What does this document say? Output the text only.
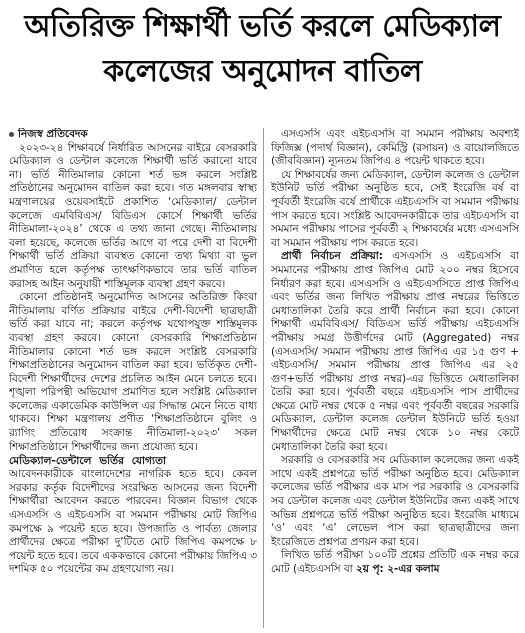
অতিরিক্ত শিক্ষার্থী ভর্তি করলে মেডিক্যাল
কলেজের অনুমোদন বাতিল
নিজস্ব প্রতিবেদক

২০২৩-২৪ শিক্ষাবর্ষে নির্ধারিত আসনের বাইরে বেসরকারি মেডিক্যাল ও ডেন্টাল কলেজে শিক্ষার্থী ভর্তি করানো যাবে না। ভর্তি নীতিমালার কোনো শর্ত ভঙ্গ করলে সংশ্লিষ্ট প্রতিষ্ঠানের অনুমোদন বাতিল করা হবে। গত মঙ্গলবার স্বাস্থ্য মন্ত্রণালয়ের ওয়েবসাইটে প্রকাশিত ‘মেডিক্যাল/ ডেন্টাল কলেজে এমবিবিএস/ বিডিএস কোর্সে শিক্ষার্থী ভর্তির নীতিমালা-২০২৪’ থেকে এ তথ্য জানা গেছে। নীতিমালায় বলা হয়েছে, কলেজে ভর্তির আগে বা পরে দেশী বা বিদেশী শিক্ষার্থী ভর্তি প্রক্রিয়া ব্যবস্থত কোনো তথ্য মিথ্যা বা ভুল প্রমাণিত হলে কর্তৃপক্ষ তাৎক্ষণিকভাবে তার ভর্তি বাতিল করাসহ আইন অনুযায়ী শাস্তিমূলক ব্যবস্থা গ্রহণ করবে।

কোনো প্রতিষ্ঠানই অনুমোদিত আসনের অতিরিক্ত কিংবা নীতিমালায় বর্ণিত প্রক্রিয়ার বাইরে দেশী-বিদেশী ছাত্রছাত্রী ভর্তি করা যাবে না; করলে কর্তৃপক্ষ যথোপযুক্ত শাস্তিমূলক ব্যবস্থা গ্রহণ করবে। কোনো বেসরকারি শিক্ষাপ্রতিষ্ঠান নীতিমালার কোনো শর্ত ভঙ্গ করলে সংশ্লিষ্ট বেসরকারি শিক্ষাপ্রতিষ্ঠানের অনুমোদন বাতিল করা হবে। ভর্তিকৃত দেশী-বিদেশী শিক্ষার্থীদের দেশের প্রচলিত আইন মেনে চলতে হবে। শৃঙ্খলা পরিপন্থী অভিযোগ প্রমাণিত হলে সংশ্লিষ্ট মেডিক্যাল কলেজের একাডেমিক কাউন্সিল এর সিদ্ধান্ত মেনে নিতে বাধ্য থাকবে। শিক্ষা মন্ত্রণালয় প্রণীত ‘শিক্ষাপ্রতিষ্ঠানে বুলিং ও র‌্যাগিং প্রতিরোধ সংক্রান্ত নীতিমালা-২০২৩’ সকল শিক্ষাপ্রতিষ্ঠানে শিক্ষার্থীদের জন্য প্রযোজ্য হবে।

মেডিক্যাল-ডেন্টালে ভর্তির যোগ্যতা

আবেদনকারীকে বাংলাদেশের নাগরিক হতে হবে। কেবল সরকার কর্তৃক বিদেশীদের সংরক্ষিত আসনের জন্য বিদেশী শিক্ষার্থীরা আবেদন করতে পারবেন। বিজ্ঞান বিভাগ থেকে এসএসসি ও এইচএসসি বা সমমান পরীক্ষায় মোট জিপিএ কমপক্ষে ৯ পয়েন্ট হতে হবে। উপজাতি ও পার্বত্য জেলার প্রার্থীদের ক্ষেত্রে পরীক্ষা দু’টিতে মোট জিপিএ কমপক্ষে ৮ পয়েন্ট হতে হবে। তবে এককভাবে কোনো পরীক্ষায় জিপিএ ৩ দশমিক ৫০ পয়েন্টের কম গ্রহণযোগ্য নয়।

এসএসসি এবং এইচএসসি বা সমমান পরীক্ষায় অবশ্যই ফিজিক্স (পদার্থ বিজ্ঞান), কেমিস্ট্রি (রসায়ন) ও বায়োলজিতে (জীববিজ্ঞান) ন্যূনতম জিপিএ ৪ পয়েন্ট থাকতে হবে।

যে শিক্ষাবর্ষের জন্য মেডিক্যাল, ডেন্টাল কলেজ ও ডেন্টাল ইউনিট ভর্তি পরীক্ষা অনুষ্ঠিত হবে, সেই ইংরেজি বর্ষ বা পূর্ববর্তী ইংরেজি বর্ষে প্রার্থীকে এইচএসসি বা সমমান পরীক্ষায় পাস করতে হবে। সংশ্লিষ্ট আবেদনকারীকে তার এইচএসসি বা সমমান পরীক্ষায় পাসের পূর্ববর্তী ২ শিক্ষাবর্ষের মধ্যে এসএসসি বা সমমান পরীক্ষায় পাস করতে হবে।

প্রার্থী নির্বাচন প্রক্রিয়া: এসএসসি ও এইচএসসি বা সমমানের পরীক্ষায় প্রাপ্ত জিপিএ মোট ২০০ নম্বর হিসেবে নির্ধারণ করা হবে। এসএসসি ও এইচএসসিতে প্রাপ্ত জিপিএ এবং ভর্তির জন্য লিখিত পরীক্ষায় প্রাপ্ত নম্বরের ভিত্তিতে মেধাতালিকা তৈরি করে প্রার্থী নির্বাচন করা হবে। কোনো শিক্ষার্থী এমবিবিএস/ বিডিএস ভর্তি পরীক্ষায় এইচএসসি পরীক্ষায় সমগ্র উত্তীর্ণদের মোট (Aggregated) নম্বর (এসএসসি/ সমমান পরীক্ষায় প্রাপ্ত জিপিএ এর ১৫ গুণ + এইচএসসি/ সমমান পরীক্ষায় প্রাপ্ত জিপিএ এর ২৫ গুণ+ভর্তি পরীক্ষায় প্রাপ্ত নম্বর)-এর ভিত্তিতে মেধাতালিকা তৈরি করা হবে। পূর্ববর্তী বছরে এইচএসসি পাস প্রার্থীদের ক্ষেত্রে মোট নম্বর থেকে ৫ নম্বর এবং পূর্ববর্তী বছরের সরকারি মেডিক্যাল, ডেন্টাল কলেজ ডেন্টাল ইউনিটে ভর্তি হওয়া শিক্ষার্থীদের ক্ষেত্রে মোট নম্বর থেকে ১০ নম্বর কেটে মেধাতালিকা তৈরি করা হবে।

সরকারি ও বেসরকারি সব মেডিক্যাল কলেজের জন্য একই সাথে একই প্রশ্নপত্রে ভর্তি পরীক্ষা অনুষ্ঠিত হবে। মেডিক্যাল কলেজের ভর্তি পরীক্ষার এক মাস পর সরকারি ও বেসরকারি সব ডেন্টাল কলেজ এবং ডেন্টাল ইউনিটের জন্য একই সাথে অভিন্ন প্রশ্নপত্রে ভর্তি পরীক্ষা অনুষ্ঠিত হবে। ইংরেজি মাধ্যমে ‘ও’ এবং ‘এ’ লেভেল পাস করা ছাত্রছাত্রীদের জন্য ইংরেজিতে প্রশ্নপত্র প্রণয়ন করা হবে।

লিখিত ভর্তি পরীক্ষা ১০০টি প্রশ্নের প্রতিটি এক নম্বর করে মোট (এইচএসসি বা ২য় পৃ: ২-এর কলাম
